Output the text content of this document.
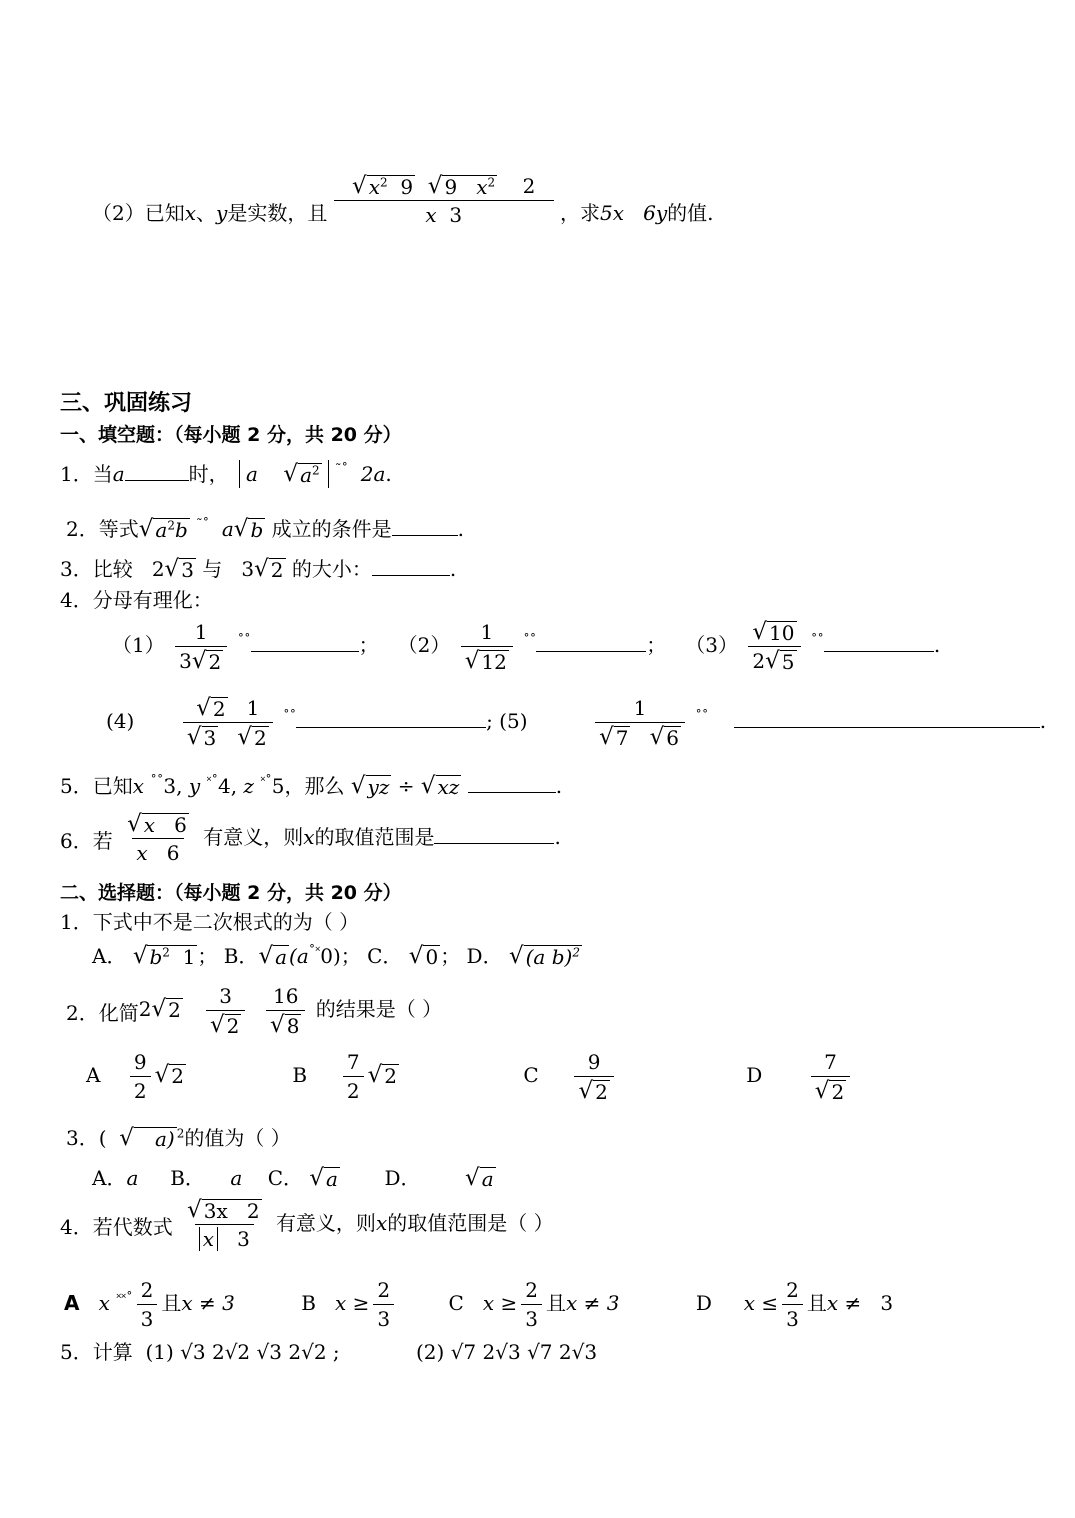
（2）已知x、y是实数，且 √ $x^2$ 9
√ 9 $x^2$ 2
x 3 ，求5x 6y的值.
三、巩固练习
一、填空题：（每小题 2 分，共 20 分）
1．当a	时， a √ $a^2$ ˜˚ 2a.
2．等式 √ $a^2b$ ˜˚ a √ b 成立的条件是	.
3．比较 2 √ 3 与 3 √ 2 的大小：	.
4．分母有理化：
$(1) \frac{1}{3 √ 2} ^{˚˚}$	； $(2) \frac{1}{√ 12} ^{˚˚}$	； $(3) \frac{√ 10}{2 √ 5} ^{˚˚}$	.
(4) √ 2 1
√ 3
√ 2 ˚˚	; (5)	1
√ 7
√ 6 ˚˚	.
5．已知x ˚˚3, y ˟˚4, z ˟˚5，那么 √ yz ÷ √ xz	.
6．若 $\frac{√ x 6}{x 6}$ 有意义，则x的取值范围是	.
二、选择题：（每小题 2 分，共 20 分）
1．下式中不是二次根式的为（ ）
A． √ $b^2$ 1 ； B． √ a (a˚˟0)； C． √ 0 ； D． √ (a b)$^2$
2．化简2 √ 2
$\frac{3}{√ 2}$
$\frac{16}{√ 8}$ 的结果是（ ）
A $\frac{9}{2}$ √ 2	B $\frac{7}{2}$ √ 2	C $\frac{9}{√ 2}$	D $\frac{7}{√ 2}$
3．( √	a) $^2$的值为（ ）
A．a B． a C． √ a D． √ a
4．若代数式 $\frac{√ 3x 2}{x 3}$ 有意义，则x的取值范围是（ ）
A x $^{˟˟˚} \frac{2}{3}$ 且x ≠ 3	B $x \ge \frac{2}{3}$	C $x \ge \frac{2}{3}$ 且x ≠ 3	D $x \le \frac{2}{3}$ 且x ≠ 3
5．计算 (1) √3 2√2 √3 2√2 ;	(2) √7 2√3 √7 2√3
